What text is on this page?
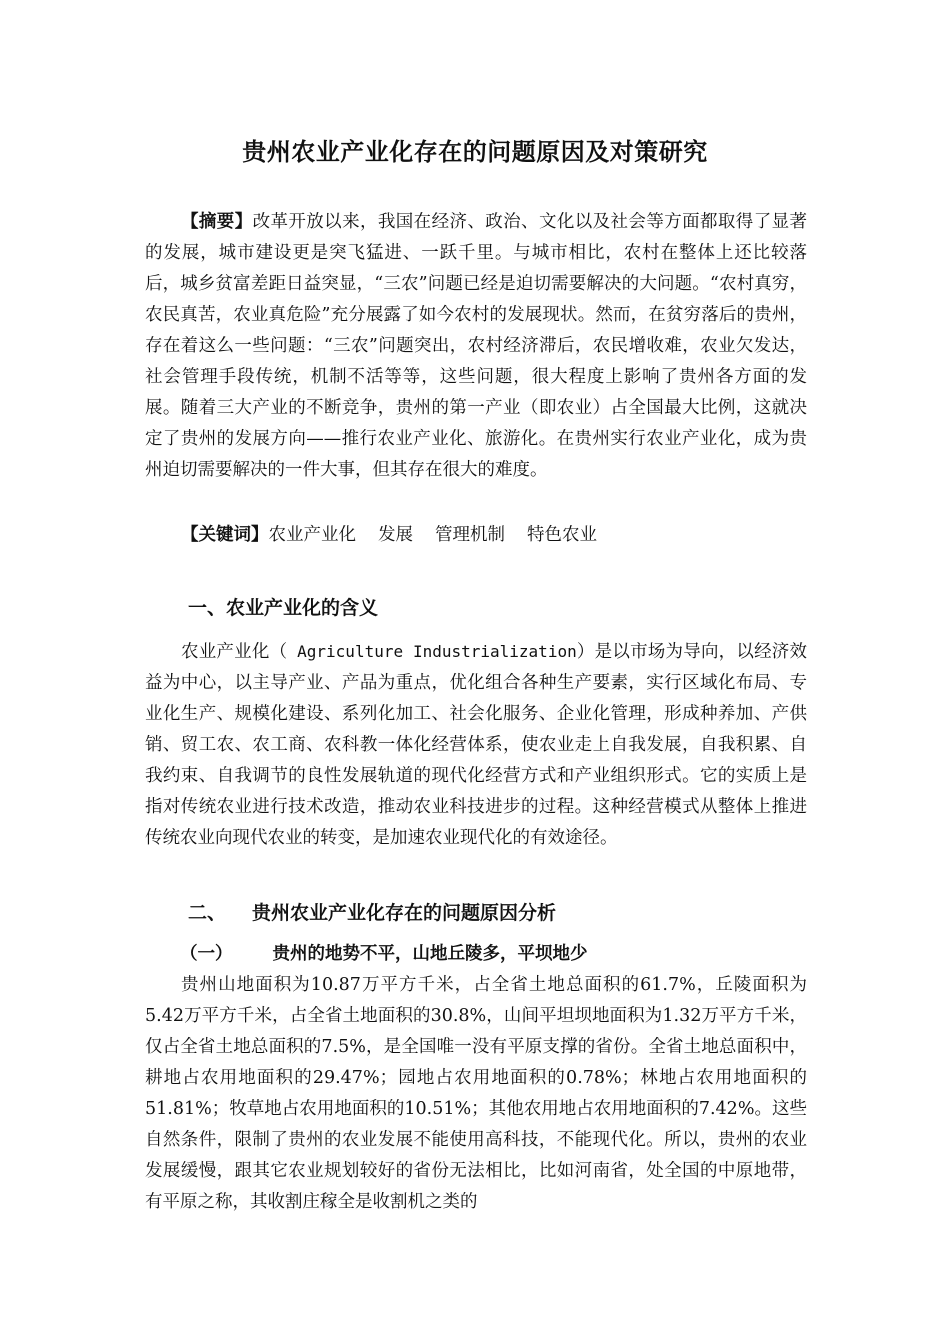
贵州农业产业化存在的问题原因及对策研究

【摘要】改革开放以来，我国在经济、政治、文化以及社会等方面都取得了显著的发展，城市建设更是突飞猛进、一跃千里。与城市相比，农村在整体上还比较落后，城乡贫富差距日益突显，“三农”问题已经是迫切需要解决的大问题。“农村真穷，农民真苦，农业真危险”充分展露了如今农村的发展现状。然而，在贫穷落后的贵州，存在着这么一些问题：“三农”问题突出，农村经济滞后，农民增收难，农业欠发达，社会管理手段传统，机制不活等等，这些问题，很大程度上影响了贵州各方面的发展。随着三大产业的不断竞争，贵州的第一产业（即农业）占全国最大比例，这就决定了贵州的发展方向——推行农业产业化、旅游化。在贵州实行农业产业化，成为贵州迫切需要解决的一件大事，但其存在很大的难度。

【关键词】农业产业化 发展 管理机制 特色农业

一、农业产业化的含义

农业产业化（ Agriculture Industrialization）是以市场为导向，以经济效益为中心，以主导产业、产品为重点，优化组合各种生产要素，实行区域化布局、专业化生产、规模化建设、系列化加工、社会化服务、企业化管理，形成种养加、产供销、贸工农、农工商、农科教一体化经营体系，使农业走上自我发展，自我积累、自我约束、自我调节的良性发展轨道的现代化经营方式和产业组织形式。它的实质上是指对传统农业进行技术改造，推动农业科技进步的过程。这种经营模式从整体上推进传统农业向现代农业的转变，是加速农业现代化的有效途径。

二、 贵州农业产业化存在的问题原因分析
（一） 贵州的地势不平，山地丘陵多，平坝地少

贵州山地面积为10.87万平方千米，占全省土地总面积的61.7%，丘陵面积为5.42万平方千米，占全省土地面积的30.8%，山间平坦坝地面积为1.32万平方千米，仅占全省土地总面积的7.5%，是全国唯一没有平原支撑的省份。全省土地总面积中，耕地占农用地面积的29.47%；园地占农用地面积的0.78%；林地占农用地面积的51.81%；牧草地占农用地面积的10.51%；其他农用地占农用地面积的7.42%。这些自然条件，限制了贵州的农业发展不能使用高科技，不能现代化。所以，贵州的农业发展缓慢，跟其它农业规划较好的省份无法相比，比如河南省，处全国的中原地带，有平原之称，其收割庄稼全是收割机之类的
